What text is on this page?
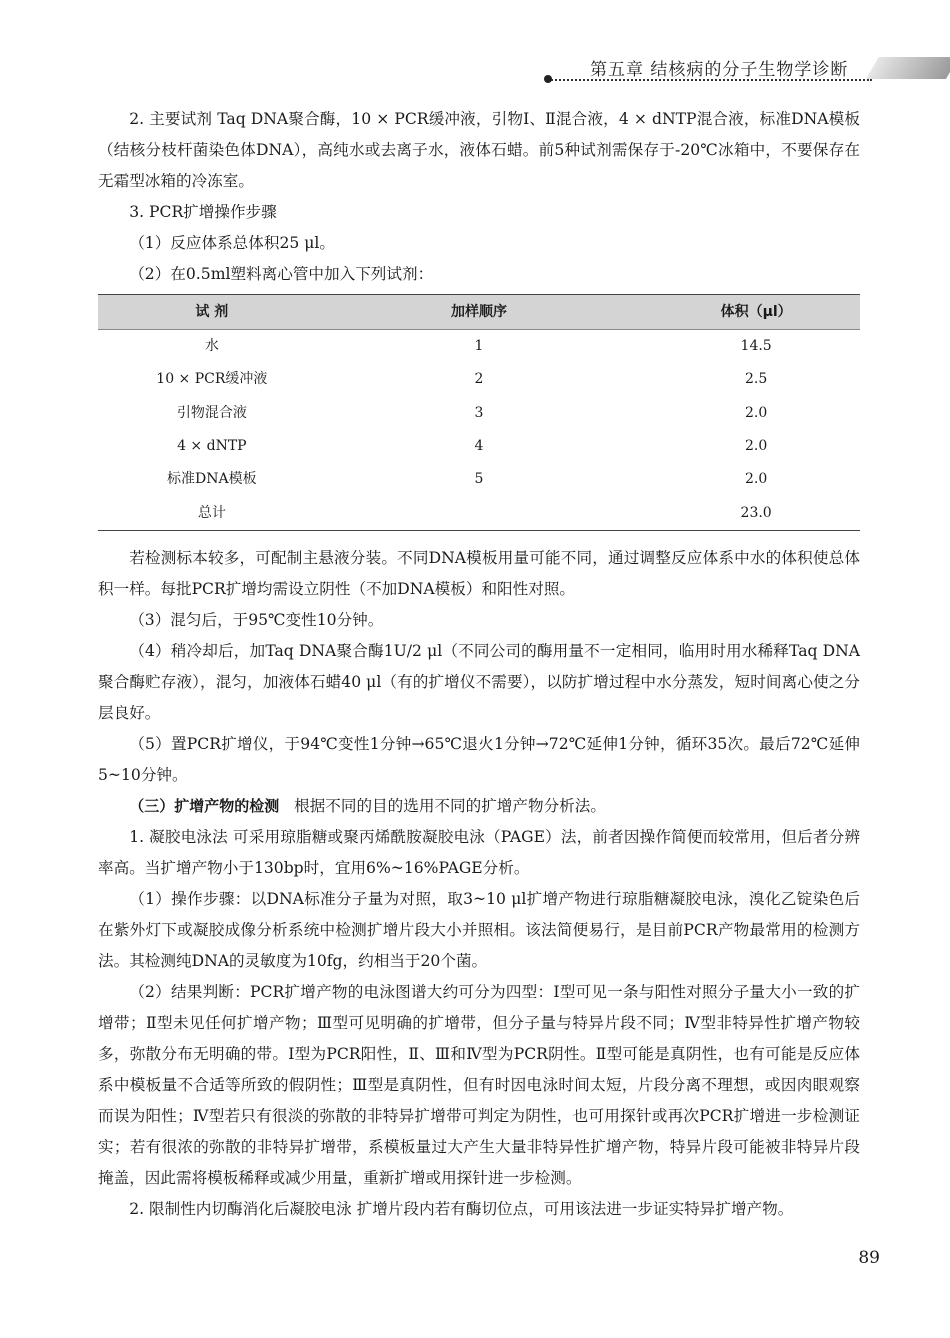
第五章 结核病的分子生物学诊断

2. 主要试剂 Taq DNA聚合酶，10 × PCR缓冲液，引物Ⅰ、Ⅱ混合液，4 × dNTP混合液，标准DNA模板（结核分枝杆菌染色体DNA），高纯水或去离子水，液体石蜡。前5种试剂需保存于-20℃冰箱中，不要保存在无霜型冰箱的冷冻室。

3. PCR扩增操作步骤

（1）反应体系总体积25 μl。

（2）在0.5ml塑料离心管中加入下列试剂：

试 剂	加样顺序	体积（μl）
水	1	14.5
10 × PCR缓冲液	2	2.5
引物混合液	3	2.0
4 × dNTP	4	2.0
标准DNA模板	5	2.0
总计		23.0

若检测标本较多，可配制主悬液分装。不同DNA模板用量可能不同，通过调整反应体系中水的体积使总体积一样。每批PCR扩增均需设立阴性（不加DNA模板）和阳性对照。

（3）混匀后，于95℃变性10分钟。

（4）稍冷却后，加Taq DNA聚合酶1U/2 μl（不同公司的酶用量不一定相同，临用时用水稀释Taq DNA聚合酶贮存液），混匀，加液体石蜡40 μl（有的扩增仪不需要），以防扩增过程中水分蒸发，短时间离心使之分层良好。

（5）置PCR扩增仪，于94℃变性1分钟→65℃退火1分钟→72℃延伸1分钟，循环35次。最后72℃延伸5~10分钟。

（三）扩增产物的检测 根据不同的目的选用不同的扩增产物分析法。

1. 凝胶电泳法 可采用琼脂糖或聚丙烯酰胺凝胶电泳（PAGE）法，前者因操作简便而较常用，但后者分辨率高。当扩增产物小于130bp时，宜用6%~16%PAGE分析。

（1）操作步骤：以DNA标准分子量为对照，取3~10 μl扩增产物进行琼脂糖凝胶电泳，溴化乙锭染色后在紫外灯下或凝胶成像分析系统中检测扩增片段大小并照相。该法简便易行，是目前PCR产物最常用的检测方法。其检测纯DNA的灵敏度为10fg，约相当于20个菌。

（2）结果判断：PCR扩增产物的电泳图谱大约可分为四型：Ⅰ型可见一条与阳性对照分子量大小一致的扩增带；Ⅱ型未见任何扩增产物；Ⅲ型可见明确的扩增带，但分子量与特异片段不同；Ⅳ型非特异性扩增产物较多，弥散分布无明确的带。Ⅰ型为PCR阳性，Ⅱ、Ⅲ和Ⅳ型为PCR阴性。Ⅱ型可能是真阴性，也有可能是反应体系中模板量不合适等所致的假阴性；Ⅲ型是真阴性，但有时因电泳时间太短，片段分离不理想，或因肉眼观察而误为阳性；Ⅳ型若只有很淡的弥散的非特异扩增带可判定为阴性，也可用探针或再次PCR扩增进一步检测证实；若有很浓的弥散的非特异扩增带，系模板量过大产生大量非特异性扩增产物，特异片段可能被非特异片段掩盖，因此需将模板稀释或减少用量，重新扩增或用探针进一步检测。

2. 限制性内切酶消化后凝胶电泳 扩增片段内若有酶切位点，可用该法进一步证实特异扩增产物。

89
